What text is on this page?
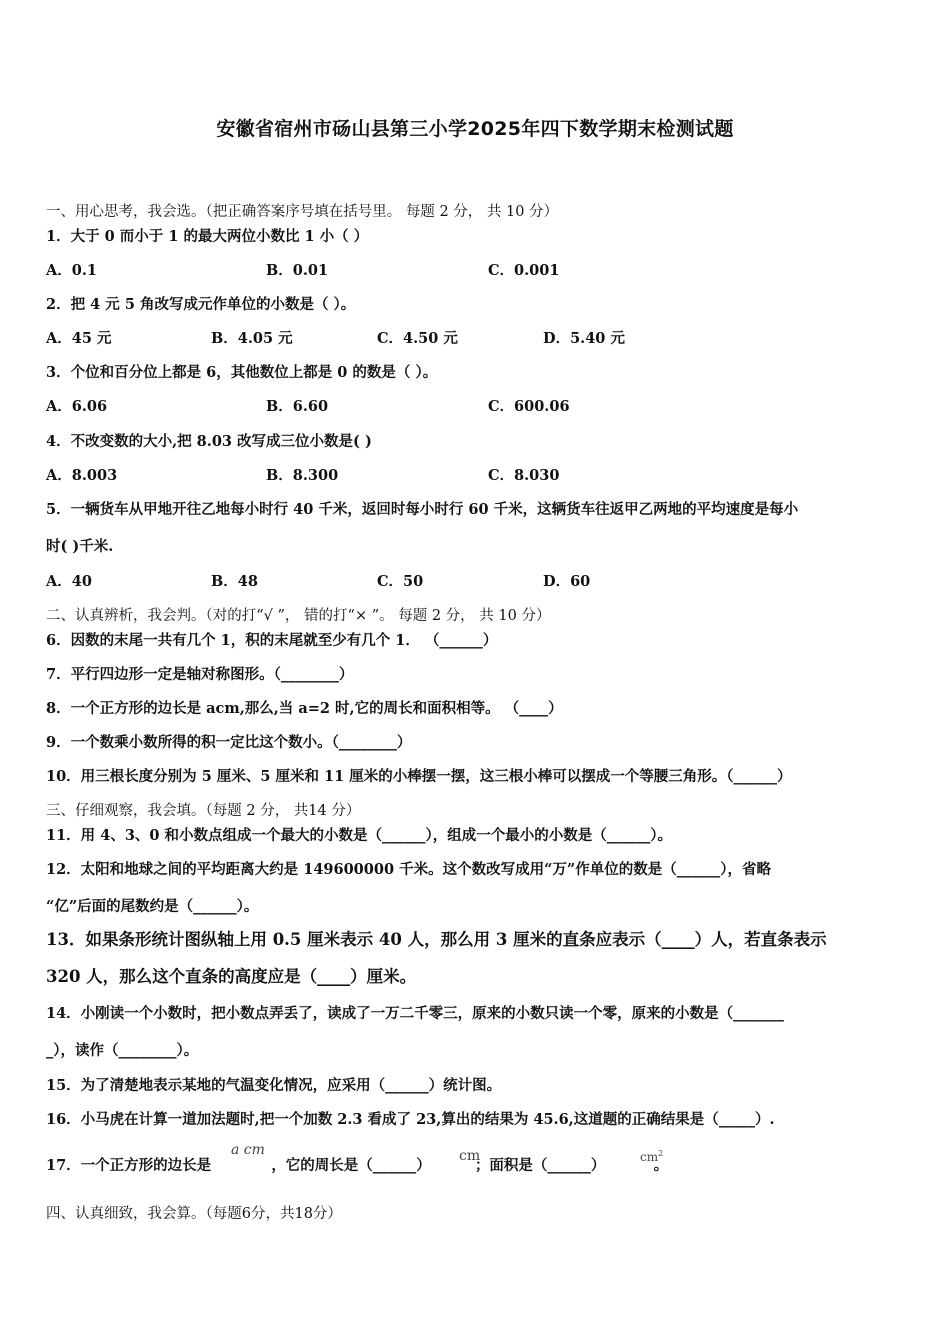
安徽省宿州市砀山县第三小学2025年四下数学期末检测试题
一、用心思考，我会选。（把正确答案序号填在括号里。 每题 2 分， 共 10 分）
1．大于 0 而小于 1 的最大两位小数比 1 小（ ）
A．0.1	B．0.01	C．0.001
2．把 4 元 5 角改写成元作单位的小数是（ ）。
A．45 元	B．4.05 元	C．4.50 元	D．5.40 元
3．个位和百分位上都是 6，其他数位上都是 0 的数是（ ）。
A．6.06	B．6.60	C．600.06
4．不改变数的大小,把 8.03 改写成三位小数是( )
A．8.003	B．8.300	C．8.030
5．一辆货车从甲地开往乙地每小时行 40 千米，返回时每小时行 60 千米，这辆货车往返甲乙两地的平均速度是每小
时( )千米.
A．40	B．48	C．50	D．60
二、认真辨析，我会判。（对的打“√ ”， 错的打“× ”。 每题 2 分， 共 10 分）
6．因数的末尾一共有几个 1，积的末尾就至少有几个 1． （______）
7．平行四边形一定是轴对称图形。（________）
8．一个正方形的边长是 acm,那么,当 a=2 时,它的周长和面积相等。 （____）
9．一个数乘小数所得的积一定比这个数小。（________）
10．用三根长度分别为 5 厘米、5 厘米和 11 厘米的小棒摆一摆，这三根小棒可以摆成一个等腰三角形。（______）
三、仔细观察，我会填。（每题 2 分， 共14 分）
11．用 4、3、0 和小数点组成一个最大的小数是（______），组成一个最小的小数是（______）。
12．太阳和地球之间的平均距离大约是 149600000 千米。这个数改写成用“万”作单位的数是（______），省略
“亿”后面的尾数约是（______）。
13．如果条形统计图纵轴上用 0.5 厘米表示 40 人，那么用 3 厘米的直条应表示（____）人，若直条表示
320 人，那么这个直条的高度应是（____）厘米。
14．小刚读一个小数时，把小数点弄丢了，读成了一万二千零三，原来的小数只读一个零，原来的小数是（_______
_），读作（________）。
15．为了清楚地表示某地的气温变化情况，应采用（______）统计图。
16．小马虎在计算一道加法题时,把一个加数 2.3 看成了 23,算出的结果为 45.6,这道题的正确结果是（_____）.
17．一个正方形的边长是	，它的周长是（______）	；面积是（______）	。
a cm	cm	$cm^2$
四、认真细致，我会算。（每题6分，共18分）
